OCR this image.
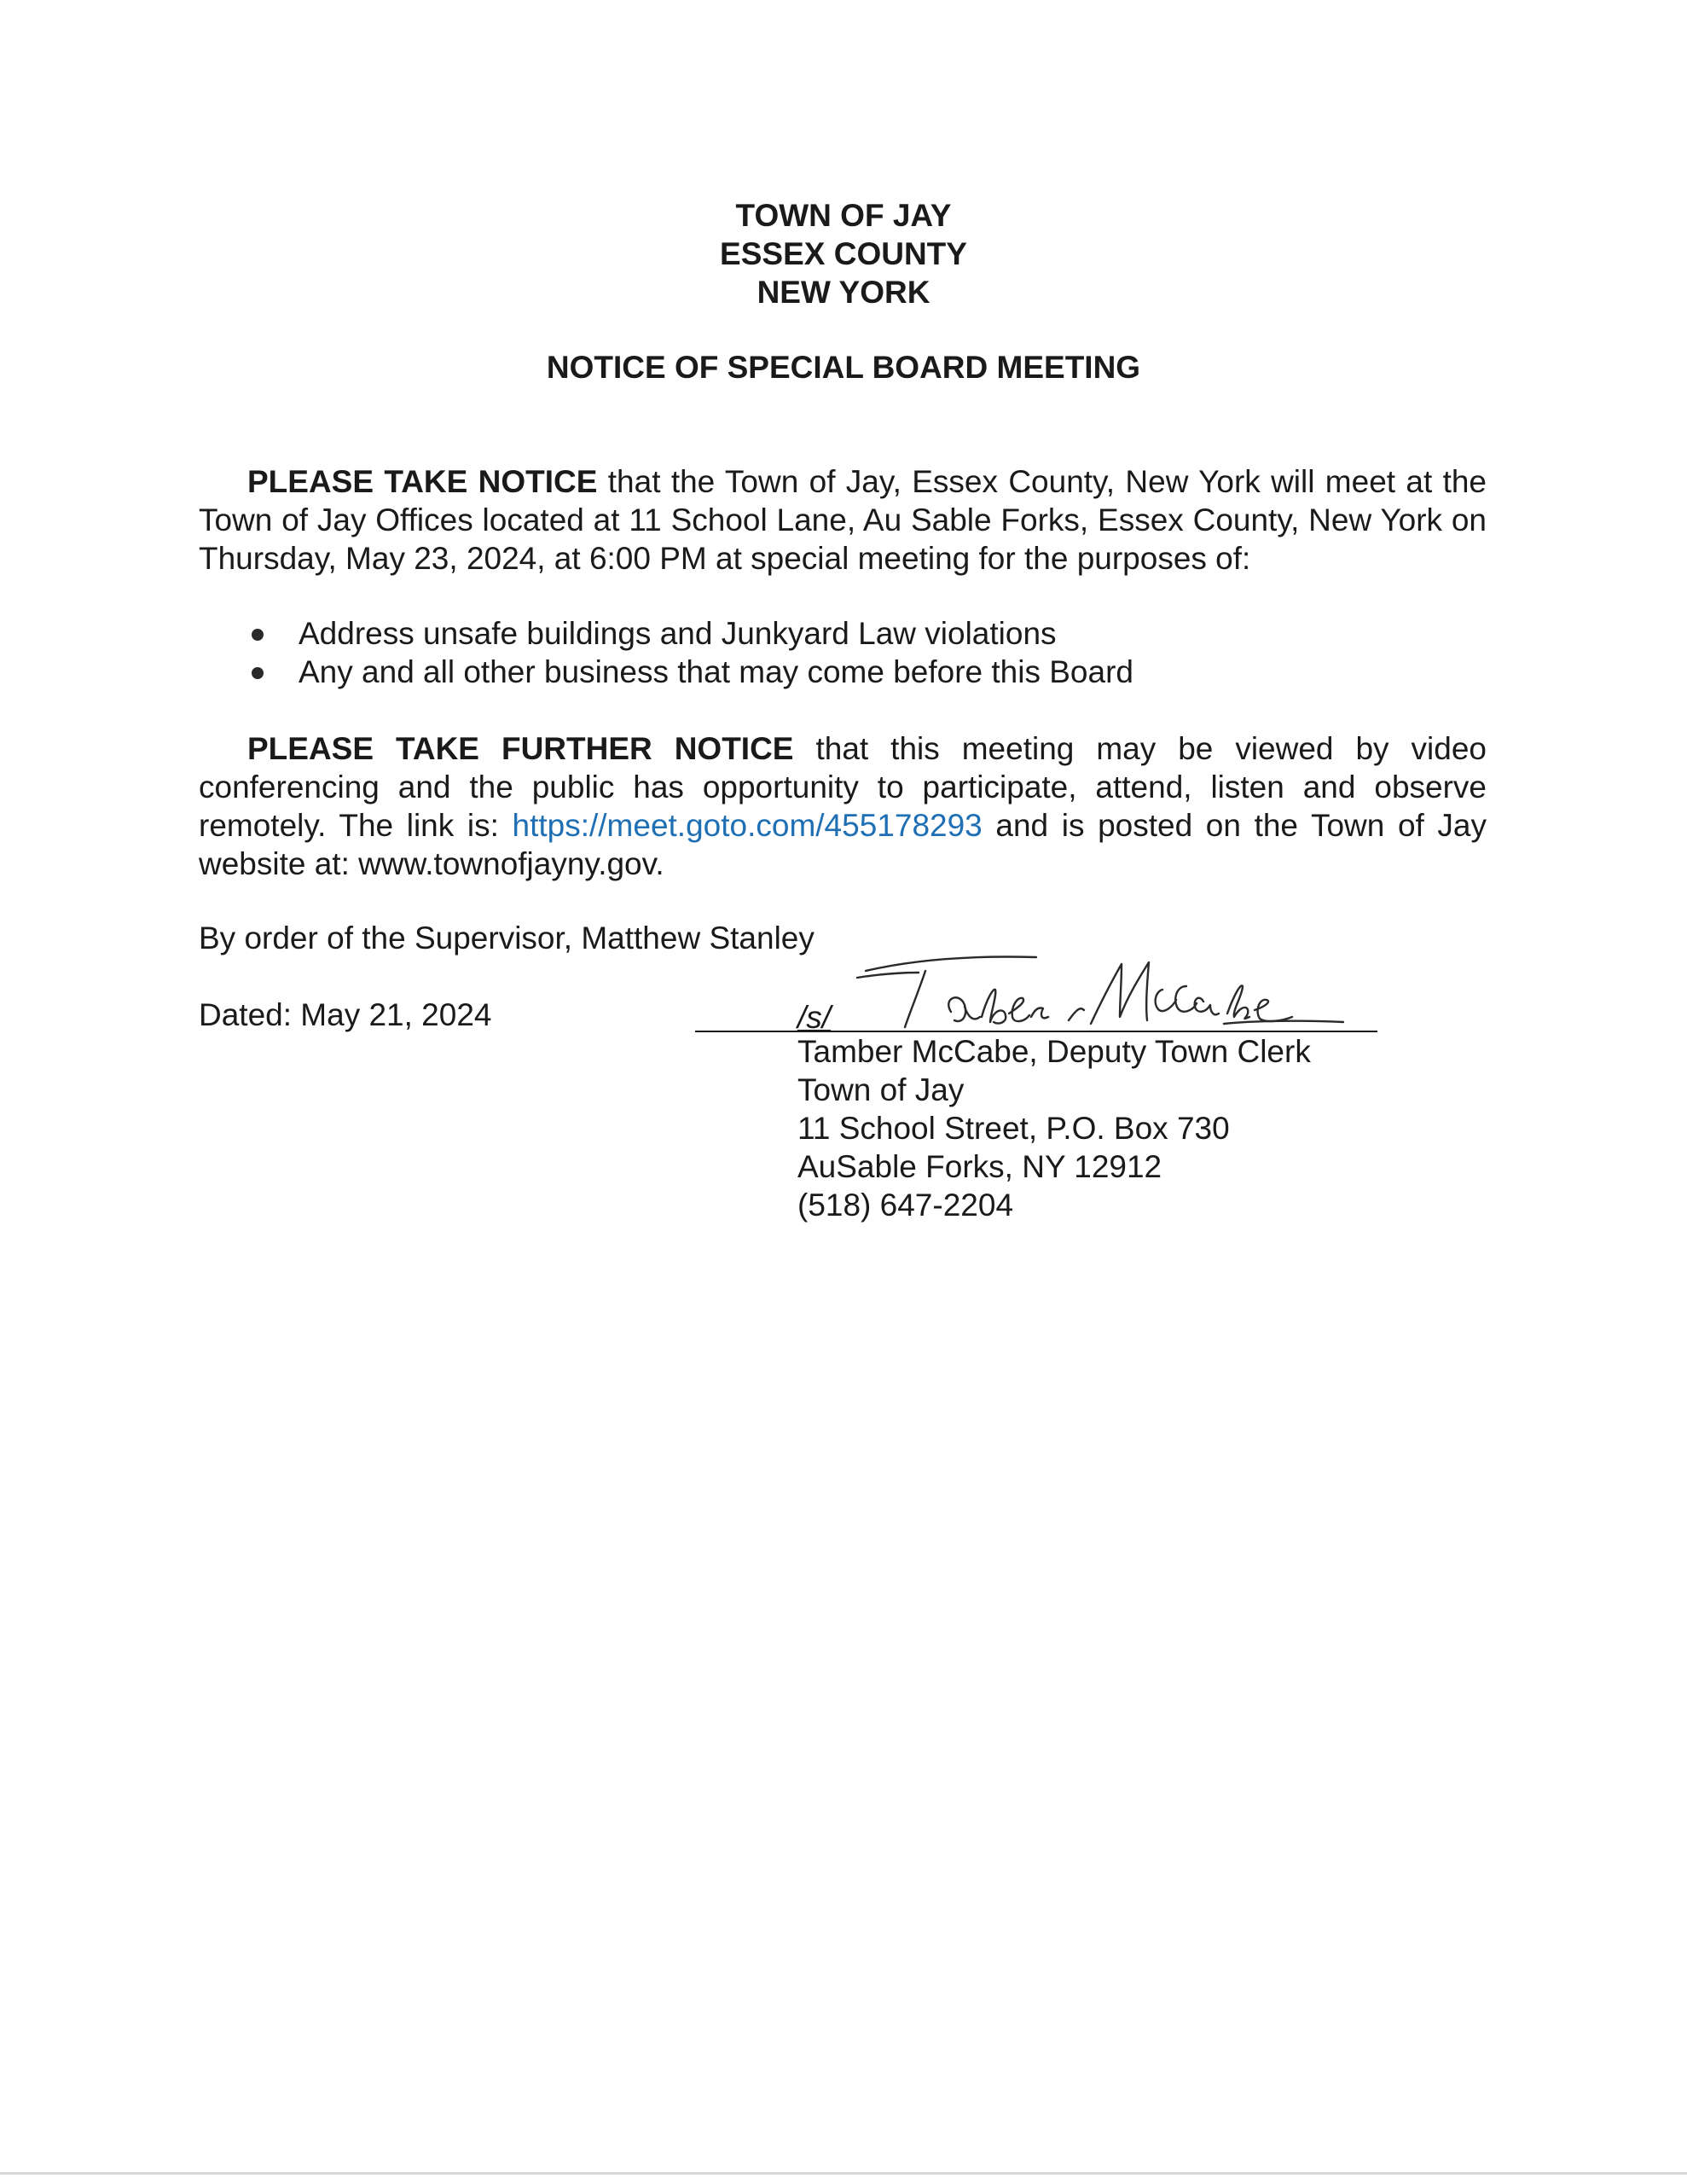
TOWN OF JAY
ESSEX COUNTY
NEW YORK
NOTICE OF SPECIAL BOARD MEETING

PLEASE TAKE NOTICE that the Town of Jay, Essex County, New York will meet at the Town of Jay Offices located at 11 School Lane, Au Sable Forks, Essex County, New York on Thursday, May 23, 2024, at 6:00 PM at special meeting for the purposes of:

Address unsafe buildings and Junkyard Law violations
Any and all other business that may come before this Board

PLEASE TAKE FURTHER NOTICE that this meeting may be viewed by video conferencing and the public has opportunity to participate, attend, listen and observe remotely. The link is: https://meet.goto.com/455178293 and is posted on the Town of Jay website at: www.townofjayny.gov.

By order of the Supervisor, Matthew Stanley
Dated: May 21, 2024	/s/
Tamber McCabe, Deputy Town Clerk
Town of Jay
11 School Street, P.O. Box 730
AuSable Forks, NY 12912
(518) 647-2204
